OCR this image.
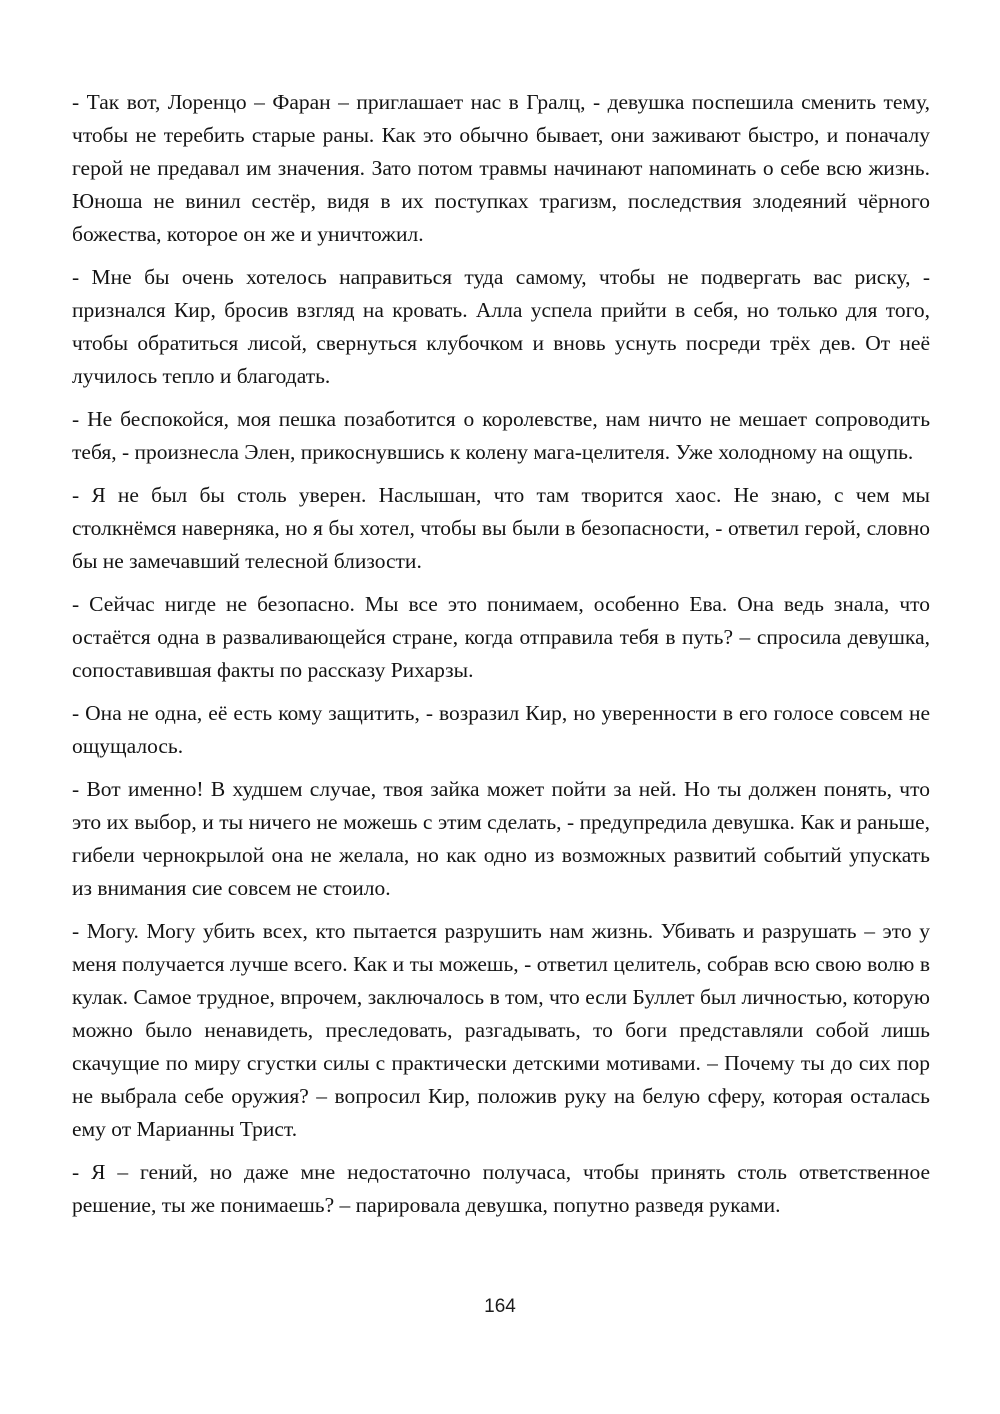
- Так вот, Лоренцо – Фаран – приглашает нас в Гралц, - девушка поспешила сменить тему, чтобы не теребить старые раны. Как это обычно бывает, они заживают быстро, и поначалу герой не предавал им значения. Зато потом травмы начинают напоминать о себе всю жизнь. Юноша не винил сестёр, видя в их поступках трагизм, последствия злодеяний чёрного божества, которое он же и уничтожил.

- Мне бы очень хотелось направиться туда самому, чтобы не подвергать вас риску, - признался Кир, бросив взгляд на кровать. Алла успела прийти в себя, но только для того, чтобы обратиться лисой, свернуться клубочком и вновь уснуть посреди трёх дев. От неё лучилось тепло и благодать.

- Не беспокойся, моя пешка позаботится о королевстве, нам ничто не мешает сопроводить тебя, - произнесла Элен, прикоснувшись к колену мага-целителя. Уже холодному на ощупь.

- Я не был бы столь уверен. Наслышан, что там творится хаос. Не знаю, с чем мы столкнёмся наверняка, но я бы хотел, чтобы вы были в безопасности, - ответил герой, словно бы не замечавший телесной близости.

- Сейчас нигде не безопасно. Мы все это понимаем, особенно Ева. Она ведь знала, что остаётся одна в разваливающейся стране, когда отправила тебя в путь? – спросила девушка, сопоставившая факты по рассказу Рихарзы.

- Она не одна, её есть кому защитить, - возразил Кир, но уверенности в его голосе совсем не ощущалось.

- Вот именно! В худшем случае, твоя зайка может пойти за ней. Но ты должен понять, что это их выбор, и ты ничего не можешь с этим сделать, - предупредила девушка. Как и раньше, гибели чернокрылой она не желала, но как одно из возможных развитий событий упускать из внимания сие совсем не стоило.

- Могу. Могу убить всех, кто пытается разрушить нам жизнь. Убивать и разрушать – это у меня получается лучше всего. Как и ты можешь, - ответил целитель, собрав всю свою волю в кулак. Самое трудное, впрочем, заключалось в том, что если Буллет был личностью, которую можно было ненавидеть, преследовать, разгадывать, то боги представляли собой лишь скачущие по миру сгустки силы с практически детскими мотивами. – Почему ты до сих пор не выбрала себе оружия? – вопросил Кир, положив руку на белую сферу, которая осталась ему от Марианны Трист.

- Я – гений, но даже мне недостаточно получаса, чтобы принять столь ответственное решение, ты же понимаешь? – парировала девушка, попутно разведя руками.

164
